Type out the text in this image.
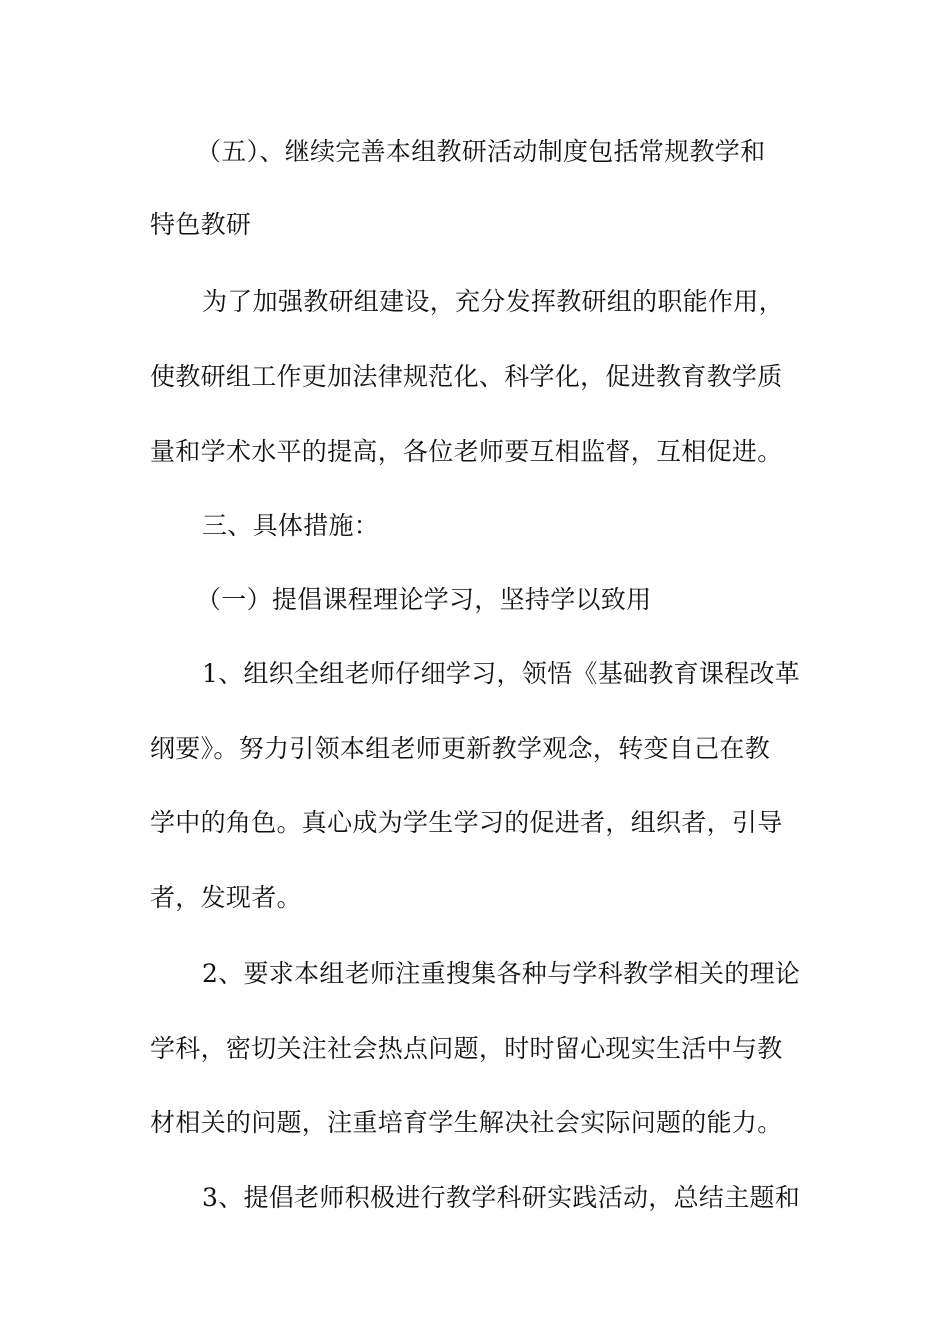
（五）、继续完善本组教研活动制度包括常规教学和
特色教研
为了加强教研组建设，充分发挥教研组的职能作用，
使教研组工作更加法律规范化、科学化，促进教育教学质
量和学术水平的提高，各位老师要互相监督，互相促进。
三、具体措施：
（一）提倡课程理论学习，坚持学以致用
1、组织全组老师仔细学习，领悟《基础教育课程改革
纲要》。努力引领本组老师更新教学观念，转变自己在教
学中的角色。真心成为学生学习的促进者，组织者，引导
者，发现者。
2、要求本组老师注重搜集各种与学科教学相关的理论
学科，密切关注社会热点问题，时时留心现实生活中与教
材相关的问题，注重培育学生解决社会实际问题的能力。
3、提倡老师积极进行教学科研实践活动，总结主题和
